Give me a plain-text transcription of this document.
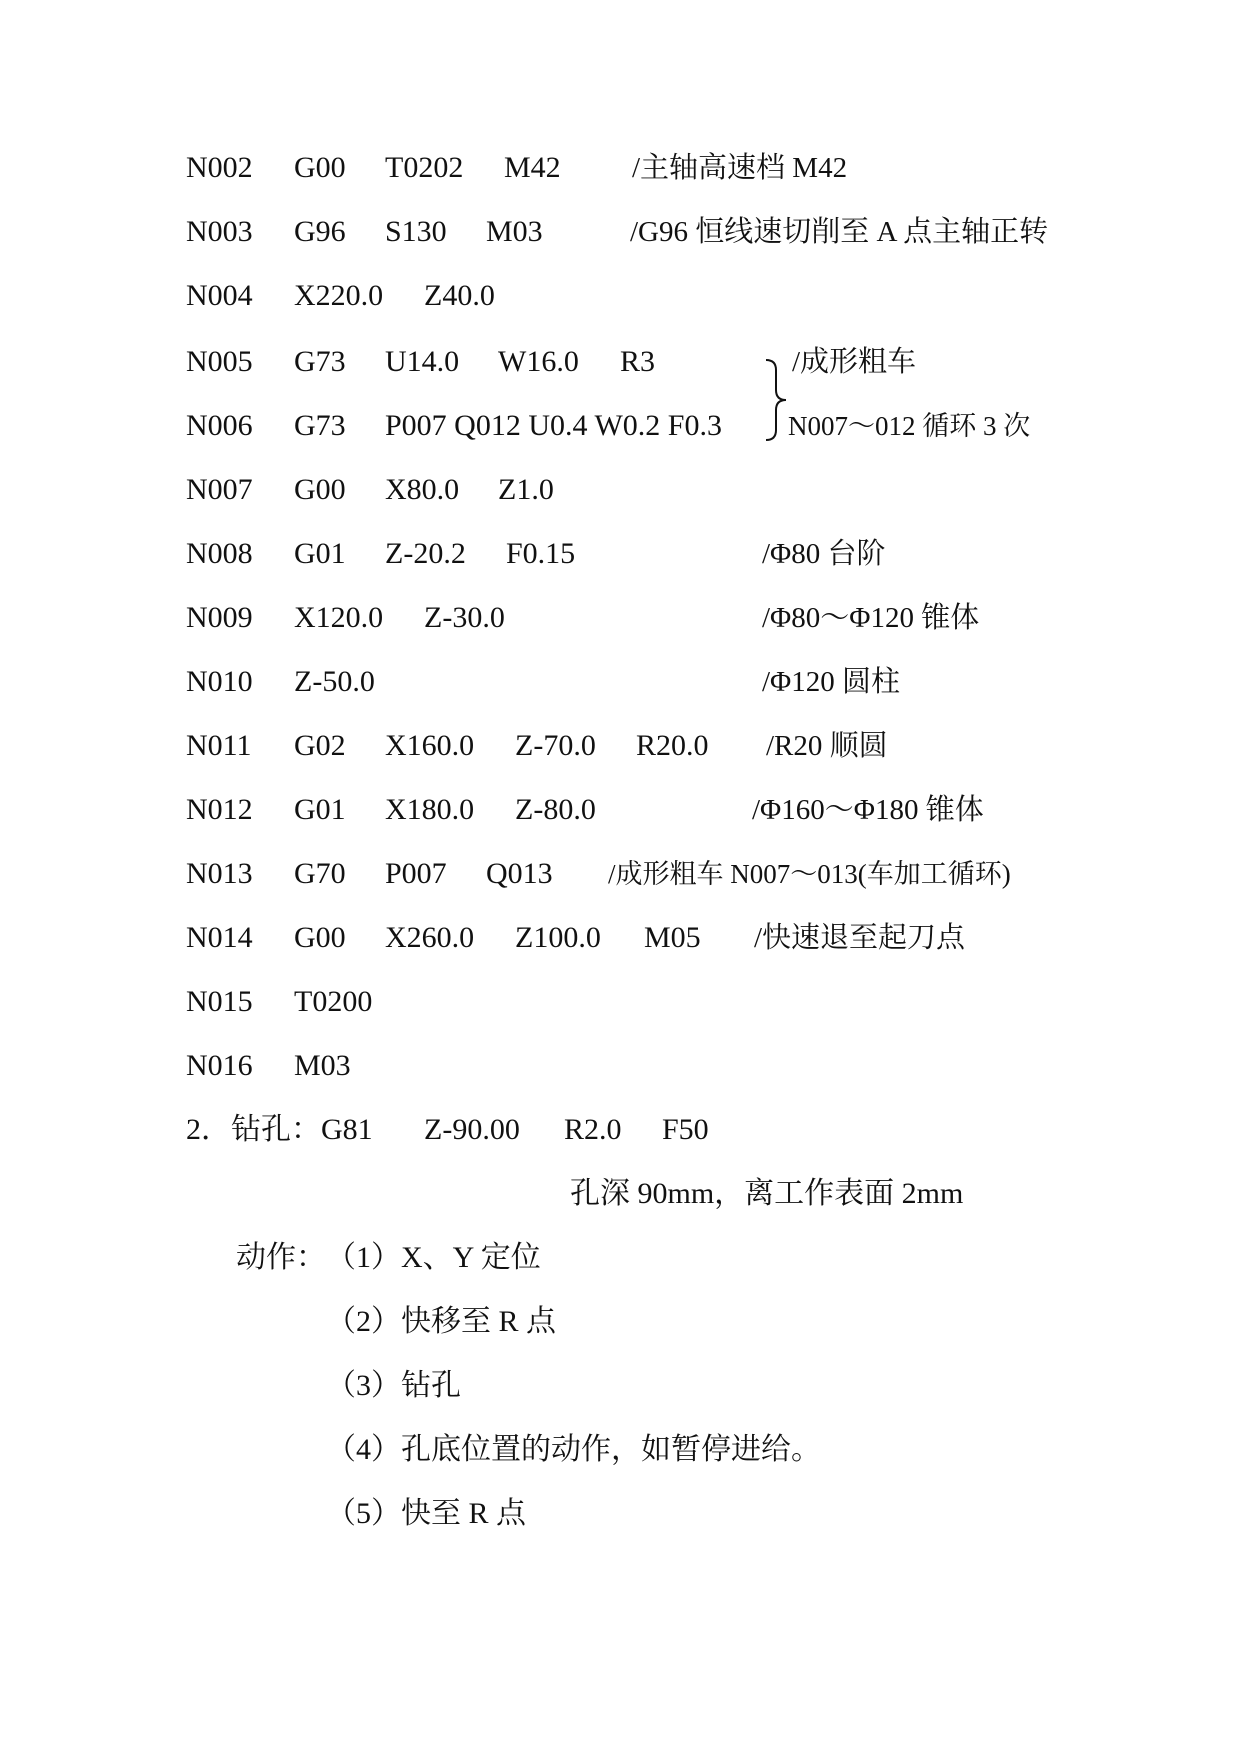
N002 G00 T0202 M42 /主轴高速档 M42
N003 G96 S130 M03	/G96 恒线速切削至 A 点主轴正转
N004 X220.0 Z40.0
N005 G73 U14.0 W16.0 R3	/成形粗车
N006 G73 P007 Q012 U0.4 W0.2 F0.3 N007～012 循环 3 次
N007 G00 X80.0 Z1.0
N008 G01 Z-20.2 F0.15	/Φ80 台阶
N009 X120.0 Z-30.0	/Φ80～Φ120 锥体
N010 Z-50.0	/Φ120 圆柱
N011 G02 X160.0 Z-70.0 R20.0 /R20 顺圆
N012 G01 X180.0 Z-80.0	/Φ160～Φ180 锥体
N013 G70 P007 Q013 /成形粗车 N007～013(车加工循环)
N014 G00 X260.0 Z100.0 M05 /快速退至起刀点
N015 T0200
N016 M03
2．钻孔：G81 Z-90.00 R2.0 F50
孔深 90mm，离工作表面 2mm
动作： （1）X、Y 定位
（2）快移至 R 点
（3）钻孔
（4）孔底位置的动作，如暂停进给。
（5）快至 R 点
